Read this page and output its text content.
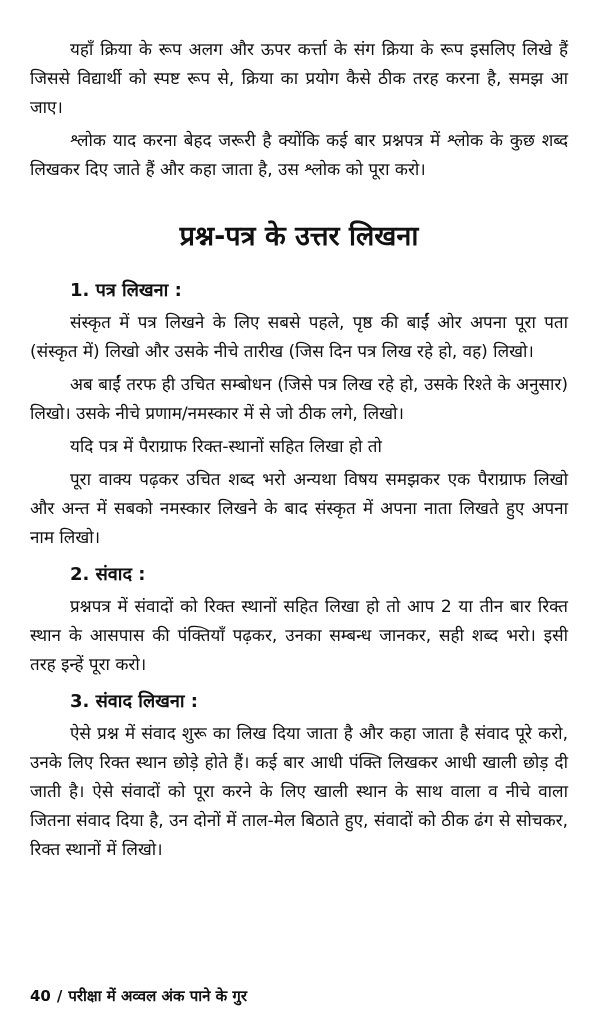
यहाँ क्रिया के रूप अलग और ऊपर कर्त्ता के संग क्रिया के रूप इसलिए लिखे हैं जिससे विद्यार्थी को स्पष्ट रूप से, क्रिया का प्रयोग कैसे ठीक तरह करना है, समझ आ जाए।

श्लोक याद करना बेहद जरूरी है क्योंकि कई बार प्रश्नपत्र में श्लोक के कुछ शब्द लिखकर दिए जाते हैं और कहा जाता है, उस श्लोक को पूरा करो।

प्रश्न-पत्र के उत्तर लिखना
1. पत्र लिखना :

संस्कृत में पत्र लिखने के लिए सबसे पहले, पृष्ठ की बाईं ओर अपना पूरा पता (संस्कृत में) लिखो और उसके नीचे तारीख (जिस दिन पत्र लिख रहे हो, वह) लिखो।

अब बाईं तरफ ही उचित सम्बोधन (जिसे पत्र लिख रहे हो, उसके रिश्ते के अनुसार) लिखो। उसके नीचे प्रणाम/नमस्कार में से जो ठीक लगे, लिखो।

यदि पत्र में पैराग्राफ रिक्त-स्थानों सहित लिखा हो तो

पूरा वाक्य पढ़कर उचित शब्द भरो अन्यथा विषय समझकर एक पैराग्राफ लिखो और अन्त में सबको नमस्कार लिखने के बाद संस्कृत में अपना नाता लिखते हुए अपना नाम लिखो।

2. संवाद :

प्रश्नपत्र में संवादों को रिक्त स्थानों सहित लिखा हो तो आप 2 या तीन बार रिक्त स्थान के आसपास की पंक्तियाँ पढ़कर, उनका सम्बन्ध जानकर, सही शब्द भरो। इसी तरह इन्हें पूरा करो।

3. संवाद लिखना :

ऐसे प्रश्न में संवाद शुरू का लिख दिया जाता है और कहा जाता है संवाद पूरे करो, उनके लिए रिक्त स्थान छोड़े होते हैं। कई बार आधी पंक्ति लिखकर आधी खाली छोड़ दी जाती है। ऐसे संवादों को पूरा करने के लिए खाली स्थान के साथ वाला व नीचे वाला जितना संवाद दिया है, उन दोनों में ताल-मेल बिठाते हुए, संवादों को ठीक ढंग से सोचकर, रिक्त स्थानों में लिखो।

40 / परीक्षा में अव्वल अंक पाने के गुर
